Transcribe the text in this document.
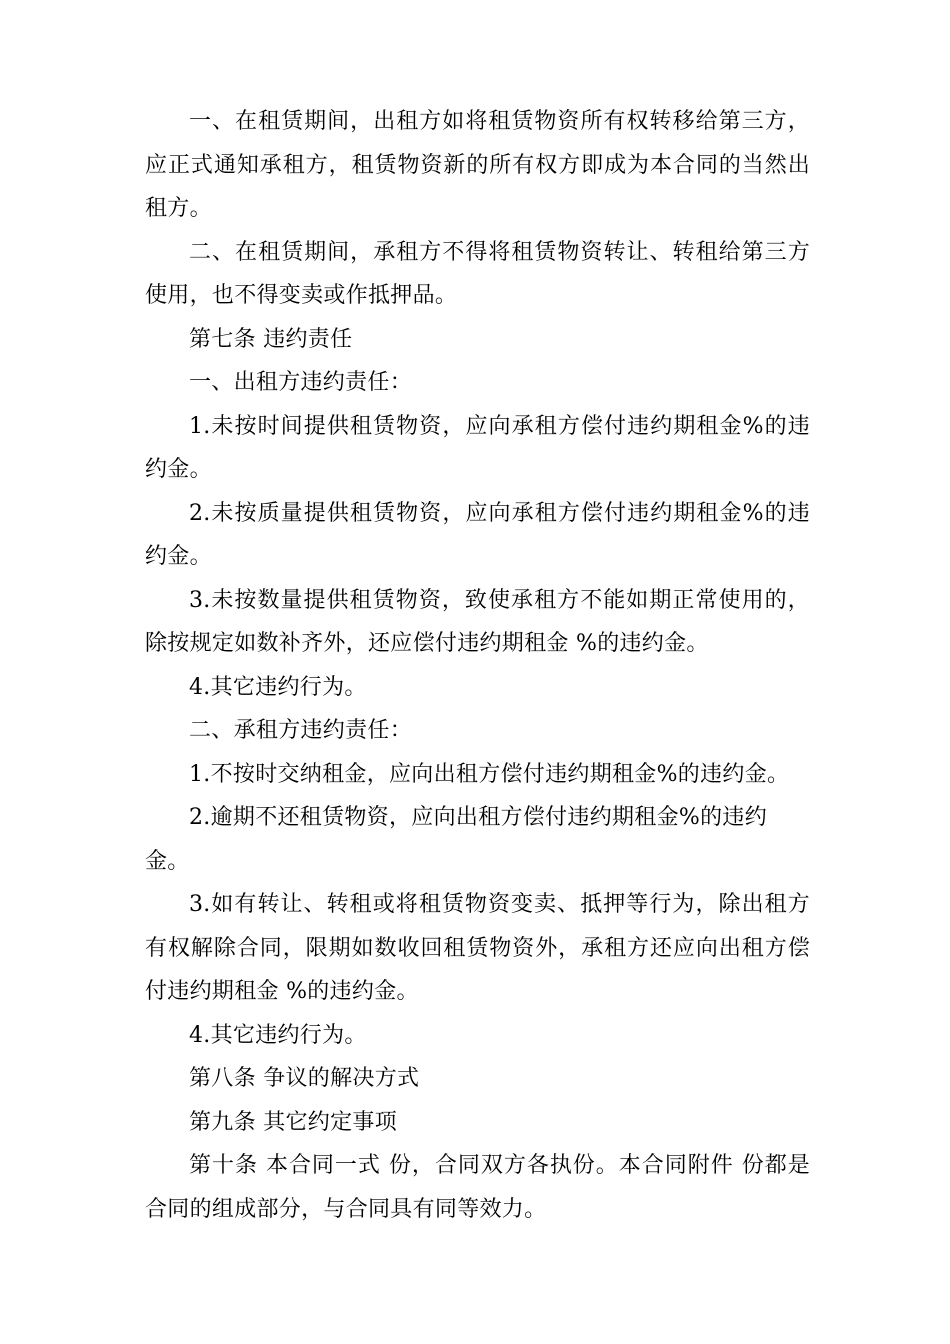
一、在租赁期间，出租方如将租赁物资所有权转移给第三方，应正式通知承租方，租赁物资新的所有权方即成为本合同的当然出租方。

二、在租赁期间，承租方不得将租赁物资转让、转租给第三方使用，也不得变卖或作抵押品。

第七条 违约责任

一、出租方违约责任：

1.未按时间提供租赁物资，应向承租方偿付违约期租金%的违约金。

2.未按质量提供租赁物资，应向承租方偿付违约期租金%的违约金。

3.未按数量提供租赁物资，致使承租方不能如期正常使用的，除按规定如数补齐外，还应偿付违约期租金 %的违约金。

4.其它违约行为。

二、承租方违约责任：

1.不按时交纳租金，应向出租方偿付违约期租金%的违约金。

2.逾期不还租赁物资，应向出租方偿付违约期租金%的违约金。

3.如有转让、转租或将租赁物资变卖、抵押等行为，除出租方有权解除合同，限期如数收回租赁物资外，承租方还应向出租方偿付违约期租金 %的违约金。

4.其它违约行为。

第八条 争议的解决方式

第九条 其它约定事项

第十条 本合同一式 份，合同双方各执份。本合同附件 份都是合同的组成部分，与合同具有同等效力。
